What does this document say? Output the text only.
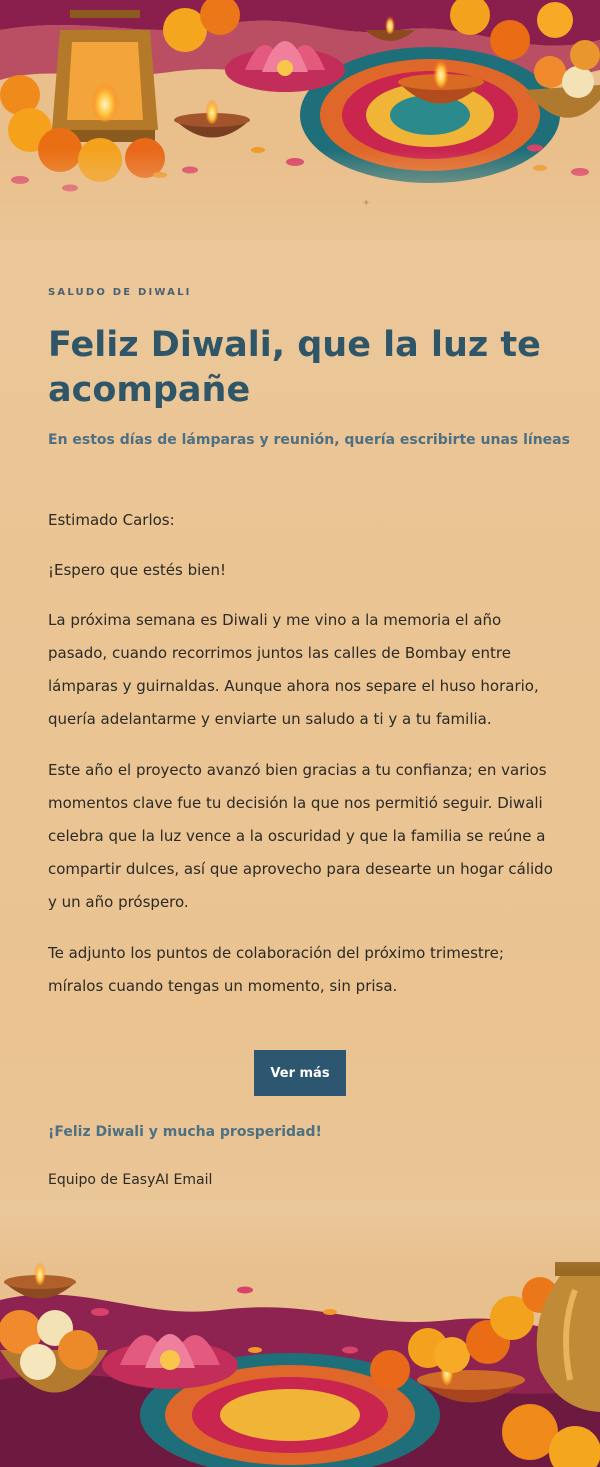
SALUDO DE DIWALI
Feliz Diwali, que la luz te acompañe
En estos días de lámparas y reunión, quería escribirte unas líneas

Estimado Carlos:

¡Espero que estés bien!

La próxima semana es Diwali y me vino a la memoria el año pasado, cuando recorrimos juntos las calles de Bombay entre lámparas y guirnaldas. Aunque ahora nos separe el huso horario, quería adelantarme y enviarte un saludo a ti y a tu familia.

Este año el proyecto avanzó bien gracias a tu confianza; en varios momentos clave fue tu decisión la que nos permitió seguir. Diwali celebra que la luz vence a la oscuridad y que la familia se reúne a compartir dulces, así que aprovecho para desearte un hogar cálido y un año próspero.

Te adjunto los puntos de colaboración del próximo trimestre; míralos cuando tengas un momento, sin prisa.

Ver más
¡Feliz Diwali y mucha prosperidad!
Equipo de EasyAI Email
✦
